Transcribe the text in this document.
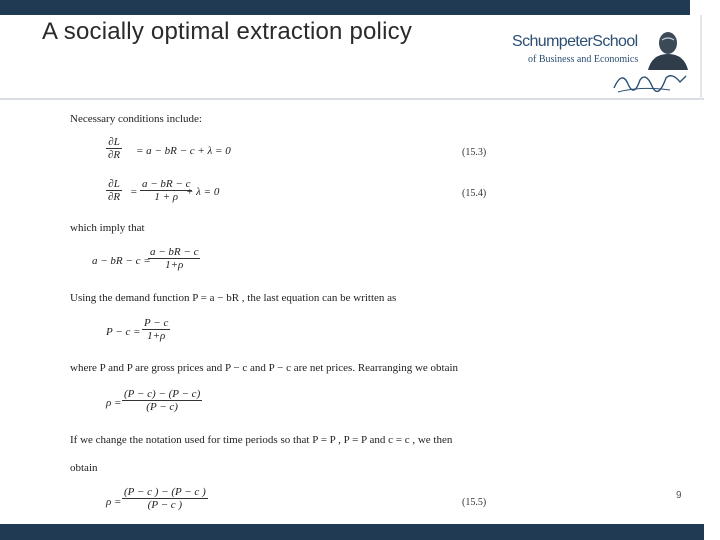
A socially optimal extraction policy	SchumpeterSchool
of Business and Economics
Necessary conditions include:
$\frac{\partial L}{\partial R} = a$ − bR − c + λ = 0	(15.3)
$\frac{\partial L}{\partial R} = \frac{a - bR - c}{1 + \rho}$
+ λ = 0	(15.4)
which imply that
a − bR − c =
$\frac{a - bR - c}{1+\rho}$
Using the demand function P = a − bR , the last equation can be written as
$P - c = \frac{P - c}{1+\rho}$
where P and P are gross prices and P − c and P − c are net prices. Rearranging we obtain
$\rho = \frac{(P - c) - (P - c)}{(P - c)}$
If we change the notation used for time periods so that P = P , P = P and c = c , we then
obtain
$\rho = \frac{(P - c ) - (P - c )}{(P - c )}$	(15.5)
9
